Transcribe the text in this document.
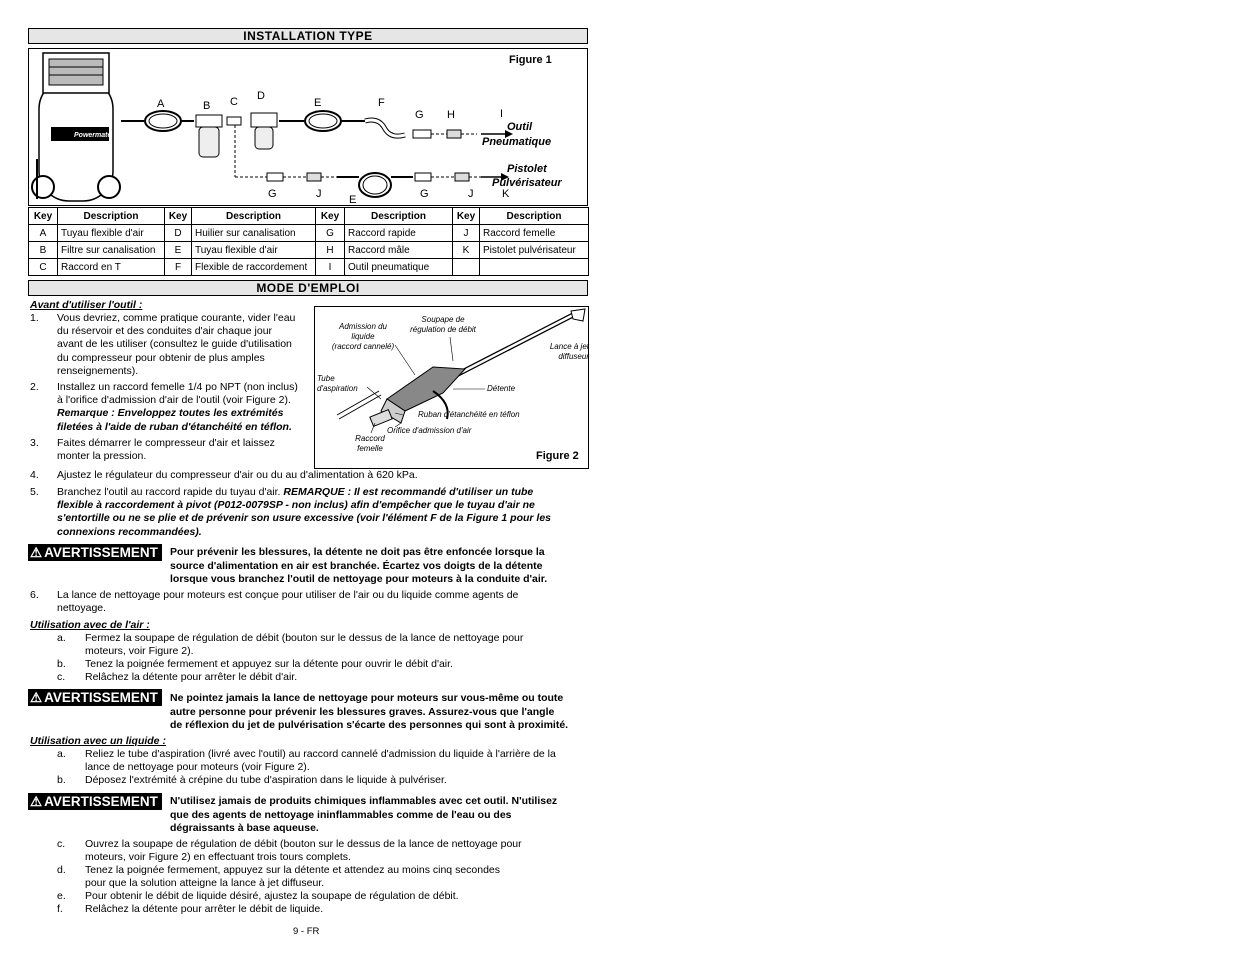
INSTALLATION TYPE
Figure 1
Powermate
A	B C D
E	F
G H	I
Outil
Pneumatique
Pistolet
Pulvérisateur
G	J	E	G	J	K
Key	Description	Key	Description	Key	Description	Key	Description
A	Tuyau flexible d'air	D	Huilier sur canalisation	G	Raccord rapide	J	Raccord femelle
B	Filtre sur canalisation	E	Tuyau flexible d'air	H	Raccord mâle	K	Pistolet pulvérisateur
C	Raccord en T	F	Flexible de raccordement	I	Outil pneumatique		
MODE D'EMPLOI
Avant d'utiliser l'outil :
1. Vous devriez, comme pratique courante, vider l'eau
du réservoir et des conduites d'air chaque jour
avant de les utiliser (consultez le guide d'utilisation
du compresseur pour obtenir de plus amples
renseignements).
2. Installez un raccord femelle 1/4 po NPT (non inclus)
à l'orifice d'admission d'air de l'outil (voir Figure 2).
Remarque : Enveloppez toutes les extrémités
filetées à l'aide de ruban d'étanchéité en téflon.
3. Faites démarrer le compresseur d'air et laissez
monter la pression.
Admission du
liquide
(raccord cannelé)
Soupape de
régulation de débit
Lance à jet
diffuseur
Tube
d'aspiration	Détente
Ruban d'étanchéité en téflon
Orifice d'admission d'air
Raccord
femelle
Figure 2
4. Ajustez le régulateur du compresseur d'air ou du au d'alimentation à 620 kPa.
5. Branchez l'outil au raccord rapide du tuyau d'air. REMARQUE : Il est recommandé d'utiliser un tube
flexible à raccordement à pivot (P012-0079SP - non inclus) afin d'empêcher que le tuyau d'air ne
s'entortille ou ne se plie et de prévenir son usure excessive (voir l'élément F de la Figure 1 pour les
connexions recommandées).
⚠ AVERTISSEMENT	Pour prévenir les blessures, la détente ne doit pas être enfoncée lorsque la
source d'alimentation en air est branchée. Écartez vos doigts de la détente
lorsque vous branchez l'outil de nettoyage pour moteurs à la conduite d'air.
6. La lance de nettoyage pour moteurs est conçue pour utiliser de l'air ou du liquide comme agents de
nettoyage.
Utilisation avec de l'air :
a. Fermez la soupape de régulation de débit (bouton sur le dessus de la lance de nettoyage pour
moteurs, voir Figure 2).
b. Tenez la poignée fermement et appuyez sur la détente pour ouvrir le débit d'air.
c. Relâchez la détente pour arrêter le débit d'air.
⚠ AVERTISSEMENT	Ne pointez jamais la lance de nettoyage pour moteurs sur vous-même ou toute
autre personne pour prévenir les blessures graves. Assurez-vous que l'angle
de réflexion du jet de pulvérisation s'écarte des personnes qui sont à proximité.
Utilisation avec un liquide :
a. Reliez le tube d'aspiration (livré avec l'outil) au raccord cannelé d'admission du liquide à l'arrière de la
lance de nettoyage pour moteurs (voir Figure 2).
b. Déposez l'extrémité à crépine du tube d'aspiration dans le liquide à pulvériser.
⚠ AVERTISSEMENT	N'utilisez jamais de produits chimiques inflammables avec cet outil. N'utilisez
que des agents de nettoyage ininflammables comme de l'eau ou des
dégraissants à base aqueuse.
c. Ouvrez la soupape de régulation de débit (bouton sur le dessus de la lance de nettoyage pour
moteurs, voir Figure 2) en effectuant trois tours complets.
d. Tenez la poignée fermement, appuyez sur la détente et attendez au moins cinq secondes
pour que la solution atteigne la lance à jet diffuseur.
e. Pour obtenir le débit de liquide désiré, ajustez la soupape de régulation de débit.
f. Relâchez la détente pour arrêter le débit de liquide.
9 - FR
